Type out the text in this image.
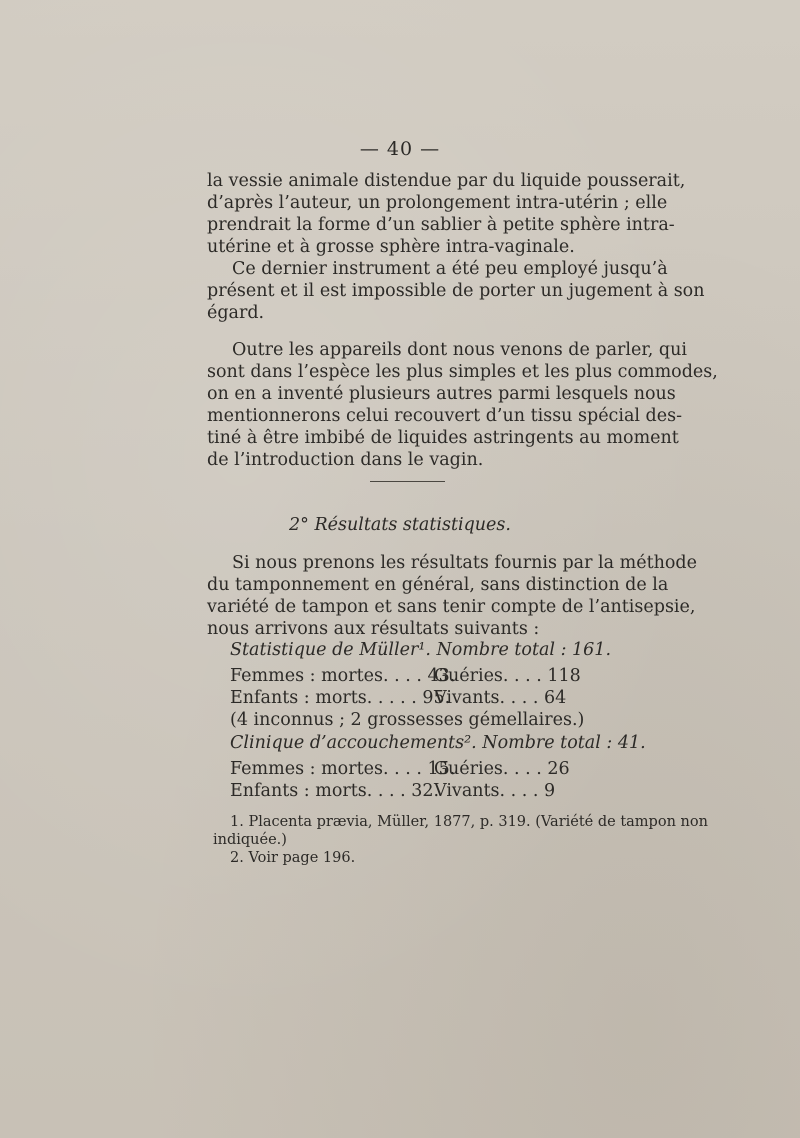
— 40 —

la vessie animale distendue par du liquide pousserait,

d’après l’auteur, un prolongement intra-utérin ; elle

prendrait la forme d’un sablier à petite sphère intra-

utérine et à grosse sphère intra-vaginale.

Ce dernier instrument a été peu employé jusqu’à

présent et il est impossible de porter un jugement à son

égard.

Outre les appareils dont nous venons de parler, qui

sont dans l’espèce les plus simples et les plus commodes,

on en a inventé plusieurs autres parmi lesquels nous

mentionnerons celui recouvert d’un tissu spécial des-

tiné à être imbibé de liquides astringents au moment

de l’introduction dans le vagin.

2° Résultats statistiques.

Si nous prenons les résultats fournis par la méthode

du tamponnement en général, sans distinction de la

variété de tampon et sans tenir compte de l’antisepsie,

nous arrivons aux résultats suivants :

Statistique de Müller¹. Nombre total : 161.
Femmes : mortes. . . . 43.
Guéries. . . . 118
Enfants : morts. . . . . 95.
Vivants. . . . 64
(4 inconnus ; 2 grossesses gémellaires.)
Clinique d’accouchements². Nombre total : 41.
Femmes : mortes. . . . 15.
Guéries. . . . 26
Enfants : morts. . . . 32.
Vivants. . . . 9
1. Placenta prævia, Müller, 1877, p. 319. (Variété de tampon non
indiquée.)
2. Voir page 196.
